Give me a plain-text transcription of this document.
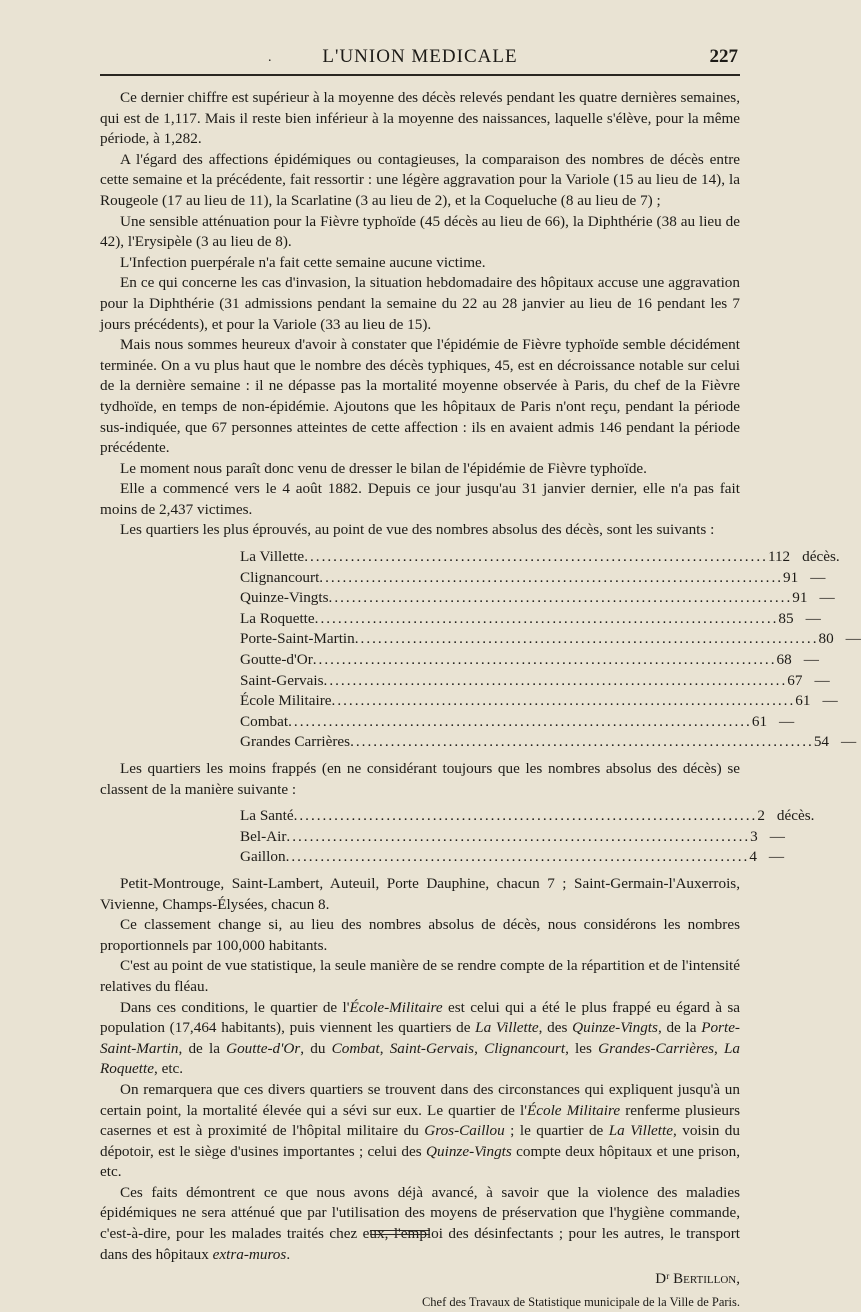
.	L'UNION MEDICALE	227

Ce dernier chiffre est supérieur à la moyenne des décès relevés pendant les quatre dernières semaines, qui est de 1,117. Mais il reste bien inférieur à la moyenne des naissances, laquelle s'élève, pour la même période, à 1,282.

A l'égard des affections épidémiques ou contagieuses, la comparaison des nombres de décès entre cette semaine et la précédente, fait ressortir : une légère aggravation pour la Variole (15 au lieu de 14), la Rougeole (17 au lieu de 11), la Scarlatine (3 au lieu de 2), et la Coqueluche (8 au lieu de 7) ;

Une sensible atténuation pour la Fièvre typhoïde (45 décès au lieu de 66), la Diphthérie (38 au lieu de 42), l'Erysipèle (3 au lieu de 8).

L'Infection puerpérale n'a fait cette semaine aucune victime.

En ce qui concerne les cas d'invasion, la situation hebdomadaire des hôpitaux accuse une aggravation pour la Diphthérie (31 admissions pendant la semaine du 22 au 28 janvier au lieu de 16 pendant les 7 jours précédents), et pour la Variole (33 au lieu de 15).

Mais nous sommes heureux d'avoir à constater que l'épidémie de Fièvre typhoïde semble décidément terminée. On a vu plus haut que le nombre des décès typhiques, 45, est en décroissance notable sur celui de la dernière semaine : il ne dépasse pas la mortalité moyenne observée à Paris, du chef de la Fièvre tydhoïde, en temps de non-épidémie. Ajoutons que les hôpitaux de Paris n'ont reçu, pendant la période sus-indiquée, que 67 personnes atteintes de cette affection : ils en avaient admis 146 pendant la période précédente.

Le moment nous paraît donc venu de dresser le bilan de l'épidémie de Fièvre typhoïde.

Elle a commencé vers le 4 août 1882. Depuis ce jour jusqu'au 31 janvier dernier, elle n'a pas fait moins de 2,437 victimes.

Les quartiers les plus éprouvés, au point de vue des nombres absolus des décès, sont les suivants :

La Villette ................................................................................ 112 décès.
Clignancourt ................................................................................ 91 —
Quinze-Vingts ................................................................................ 91 —
La Roquette ................................................................................ 85 —
Porte-Saint-Martin ................................................................................ 80 —
Goutte-d'Or ................................................................................ 68 —
Saint-Gervais ................................................................................ 67 —
École Militaire ................................................................................ 61 —
Combat ................................................................................ 61 —
Grandes Carrières ................................................................................ 54 —

Les quartiers les moins frappés (en ne considérant toujours que les nombres absolus des décès) se classent de la manière suivante :

La Santé ................................................................................ 2 décès.
Bel-Air ................................................................................ 3 —
Gaillon ................................................................................ 4 —

Petit-Montrouge, Saint-Lambert, Auteuil, Porte Dauphine, chacun 7 ; Saint-Germain-l'Auxerrois, Vivienne, Champs-Élysées, chacun 8.

Ce classement change si, au lieu des nombres absolus de décès, nous considérons les nombres proportionnels par 100,000 habitants.

C'est au point de vue statistique, la seule manière de se rendre compte de la répartition et de l'intensité relatives du fléau.

Dans ces conditions, le quartier de l'École-Militaire est celui qui a été le plus frappé eu égard à sa population (17,464 habitants), puis viennent les quartiers de La Villette, des Quinze-Vingts, de la Porte-Saint-Martin, de la Goutte-d'Or, du Combat, Saint-Gervais, Clignancourt, les Grandes-Carrières, La Roquette, etc.

On remarquera que ces divers quartiers se trouvent dans des circonstances qui expliquent jusqu'à un certain point, la mortalité élevée qui a sévi sur eux. Le quartier de l'École Militaire renferme plusieurs casernes et est à proximité de l'hôpital militaire du Gros-Caillou ; le quartier de La Villette, voisin du dépotoir, est le siège d'usines importantes ; celui des Quinze-Vingts compte deux hôpitaux et une prison, etc.

Ces faits démontrent ce que nous avons déjà avancé, à savoir que la violence des maladies épidémiques ne sera atténué que par l'utilisation des moyens de préservation que l'hygiène commande, c'est-à-dire, pour les malades traités chez eux, l'emploi des désinfectants ; pour les autres, le transport dans des hôpitaux extra-muros.

Dʳ Bertillon,
Chef des Travaux de Statistique municipale de la Ville de Paris.
